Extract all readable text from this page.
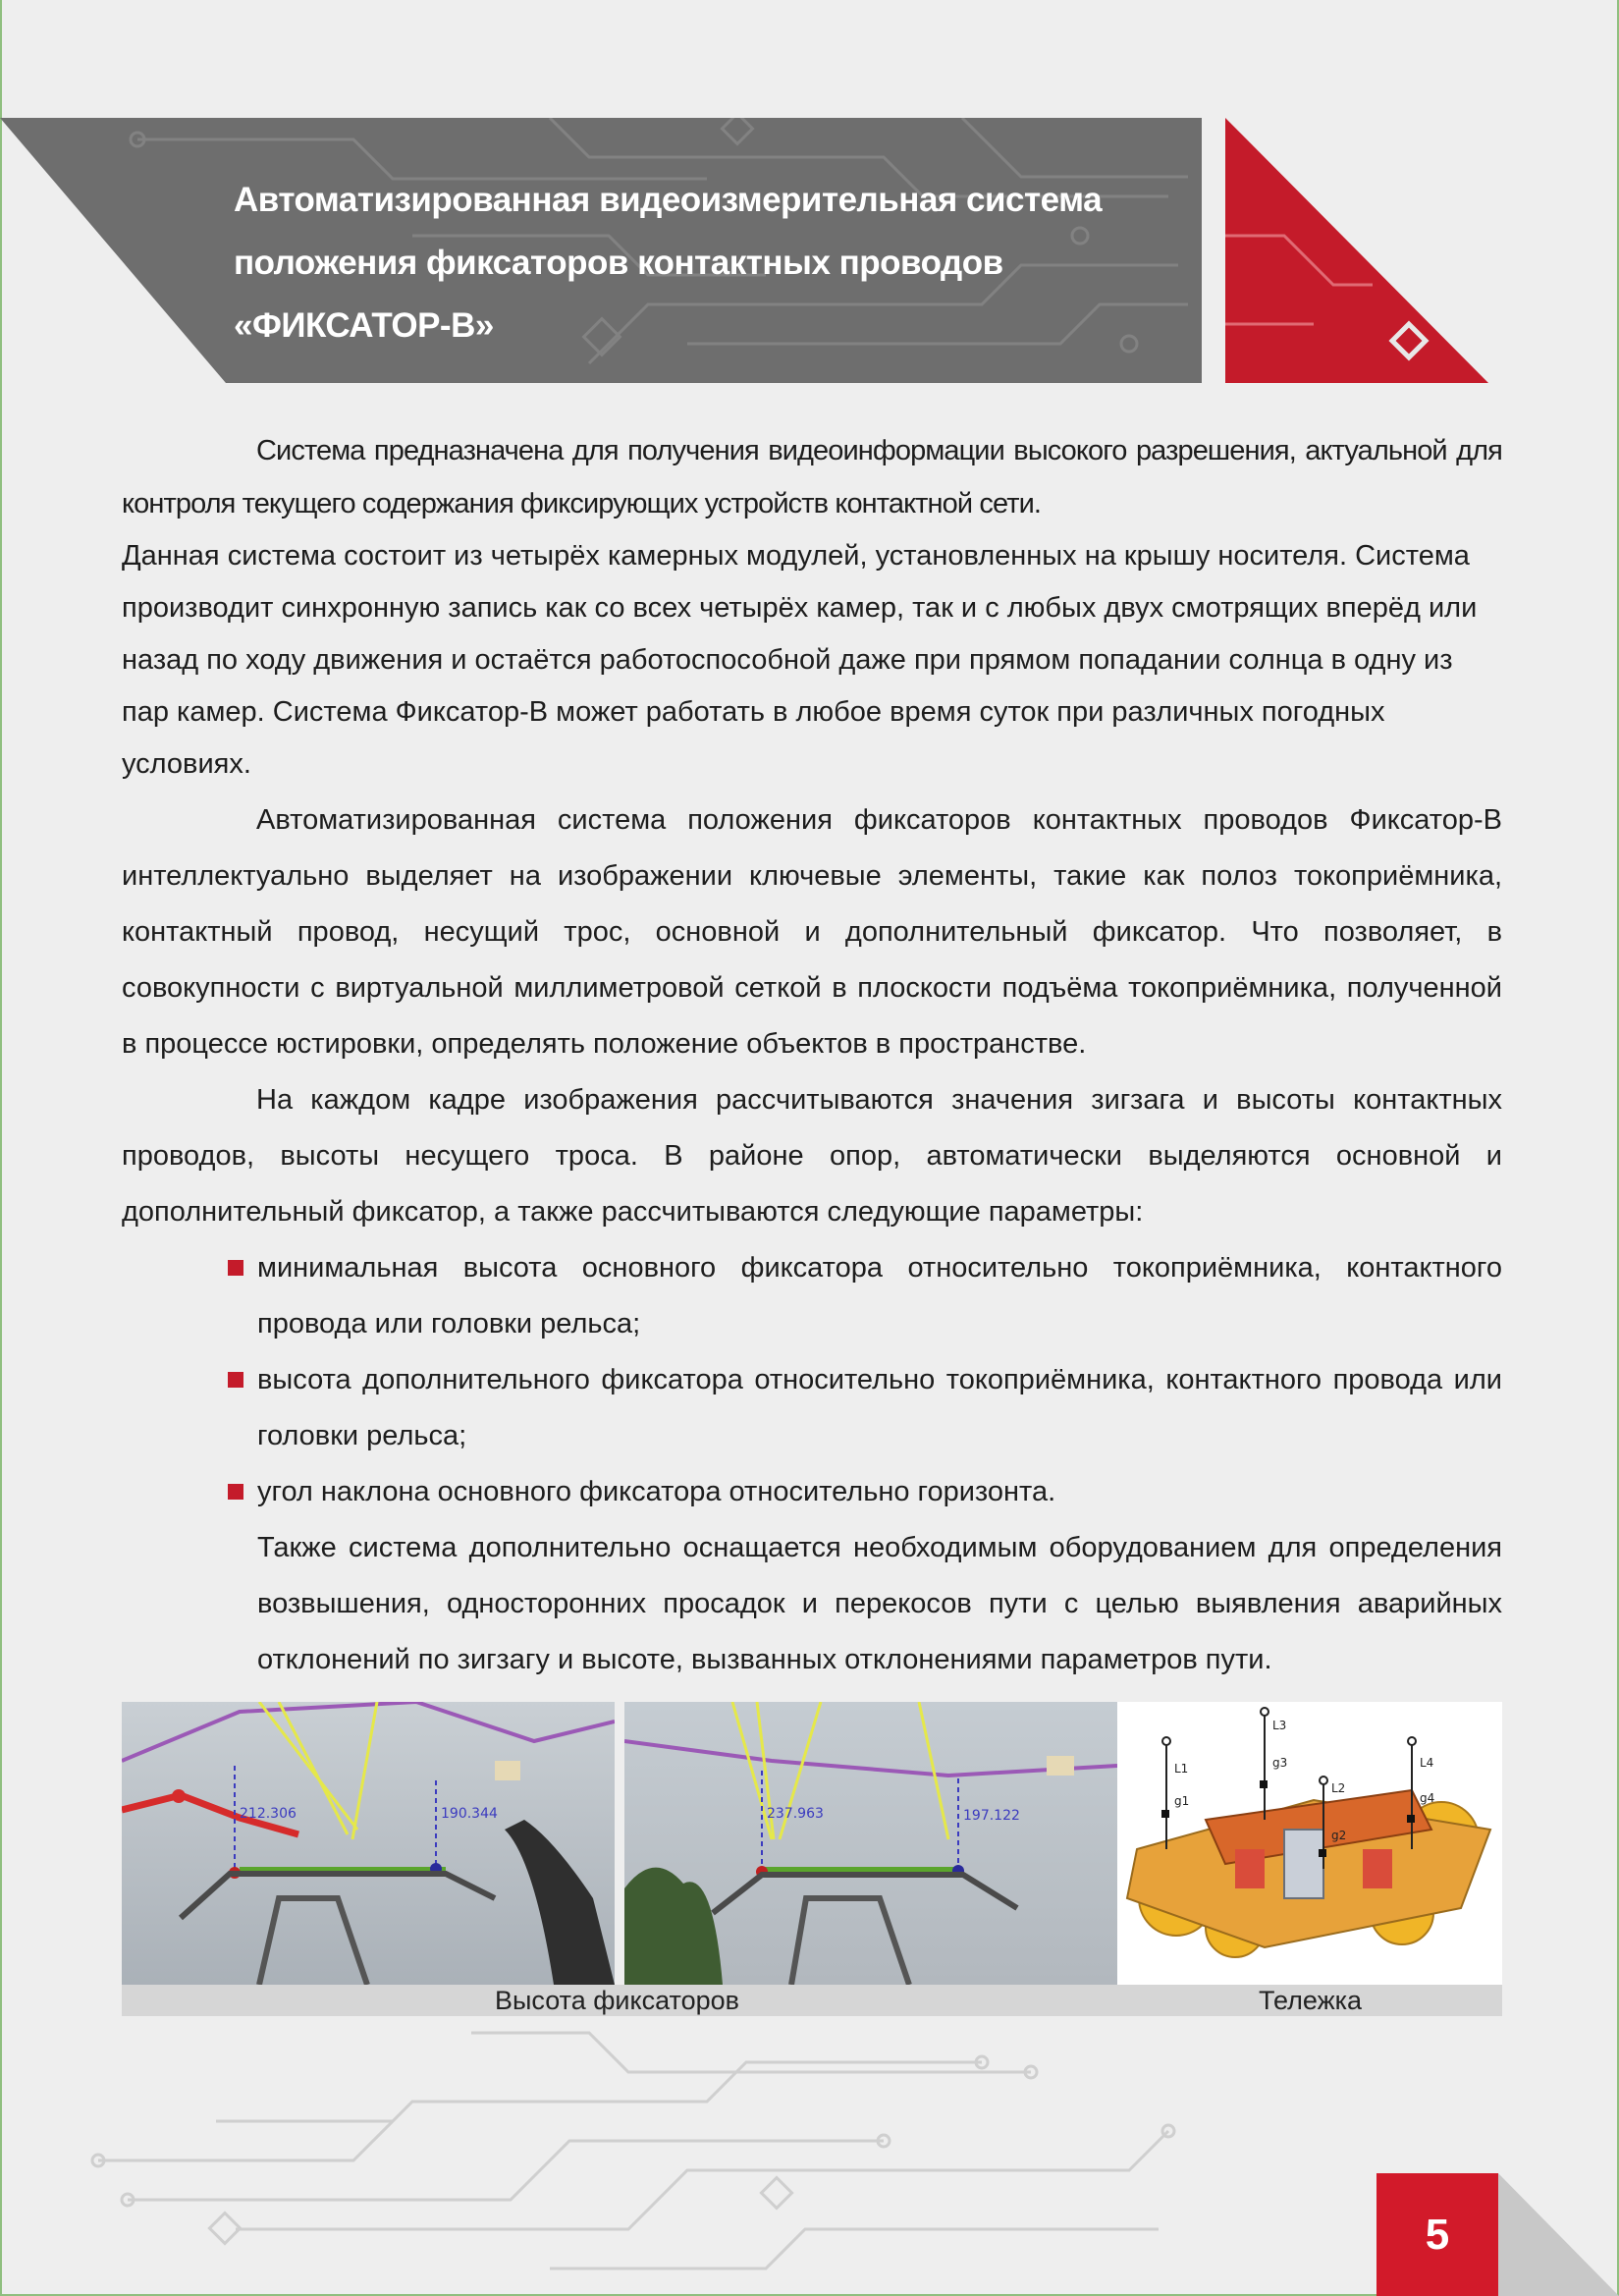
Автоматизированная видеоизмерительная система
положения фиксаторов контактных проводов
«ФИКСАТОР-В»

Система предназначена для получения видеоинформации высокого разрешения, актуальной для контроля текущего содержания фиксирующих устройств контактной сети.

Данная система состоит из четырёх камерных модулей, установленных на крышу носителя. Система производит синхронную запись как со всех четырёх камер, так и с любых двух смотрящих вперёд или назад по ходу движения и остаётся работоспособной даже при прямом попадании солнца в одну из пар камер. Система Фиксатор-В может работать в любое время суток при различных погодных условиях.

Автоматизированная система положения фиксаторов контактных проводов Фиксатор-В интеллектуально выделяет на изображении ключевые элементы, такие как полоз токоприёмника, контактный провод, несущий трос, основной и дополнительный фиксатор. Что позволяет, в совокупности с виртуальной миллиметровой сеткой в плоскости подъёма токоприёмника, полученной в процессе юстировки, определять положение объектов в пространстве.

На каждом кадре изображения рассчитываются значения зигзага и высоты контактных проводов, высоты несущего троса. В районе опор, автоматически выделяются основной и дополнительный фиксатор, а также рассчитываются следующие параметры:

минимальная высота основного фиксатора относительно токоприёмника, контактного провода или головки рельса;
высота дополнительного фиксатора относительно токоприёмника, контактного провода или головки рельса;
угол наклона основного фиксатора относительно горизонта.

Также система дополнительно оснащается необходимым оборудованием для определения возвышения, односторонних просадок и перекосов пути с целью выявления аварийных отклонений по зигзагу и высоте, вызванных отклонениями параметров пути.

212.306	190.344	237.963	197.122
L1
L2
L3
L4
g1
g2
g3
g4
Высота фиксаторов	Тележка
5
